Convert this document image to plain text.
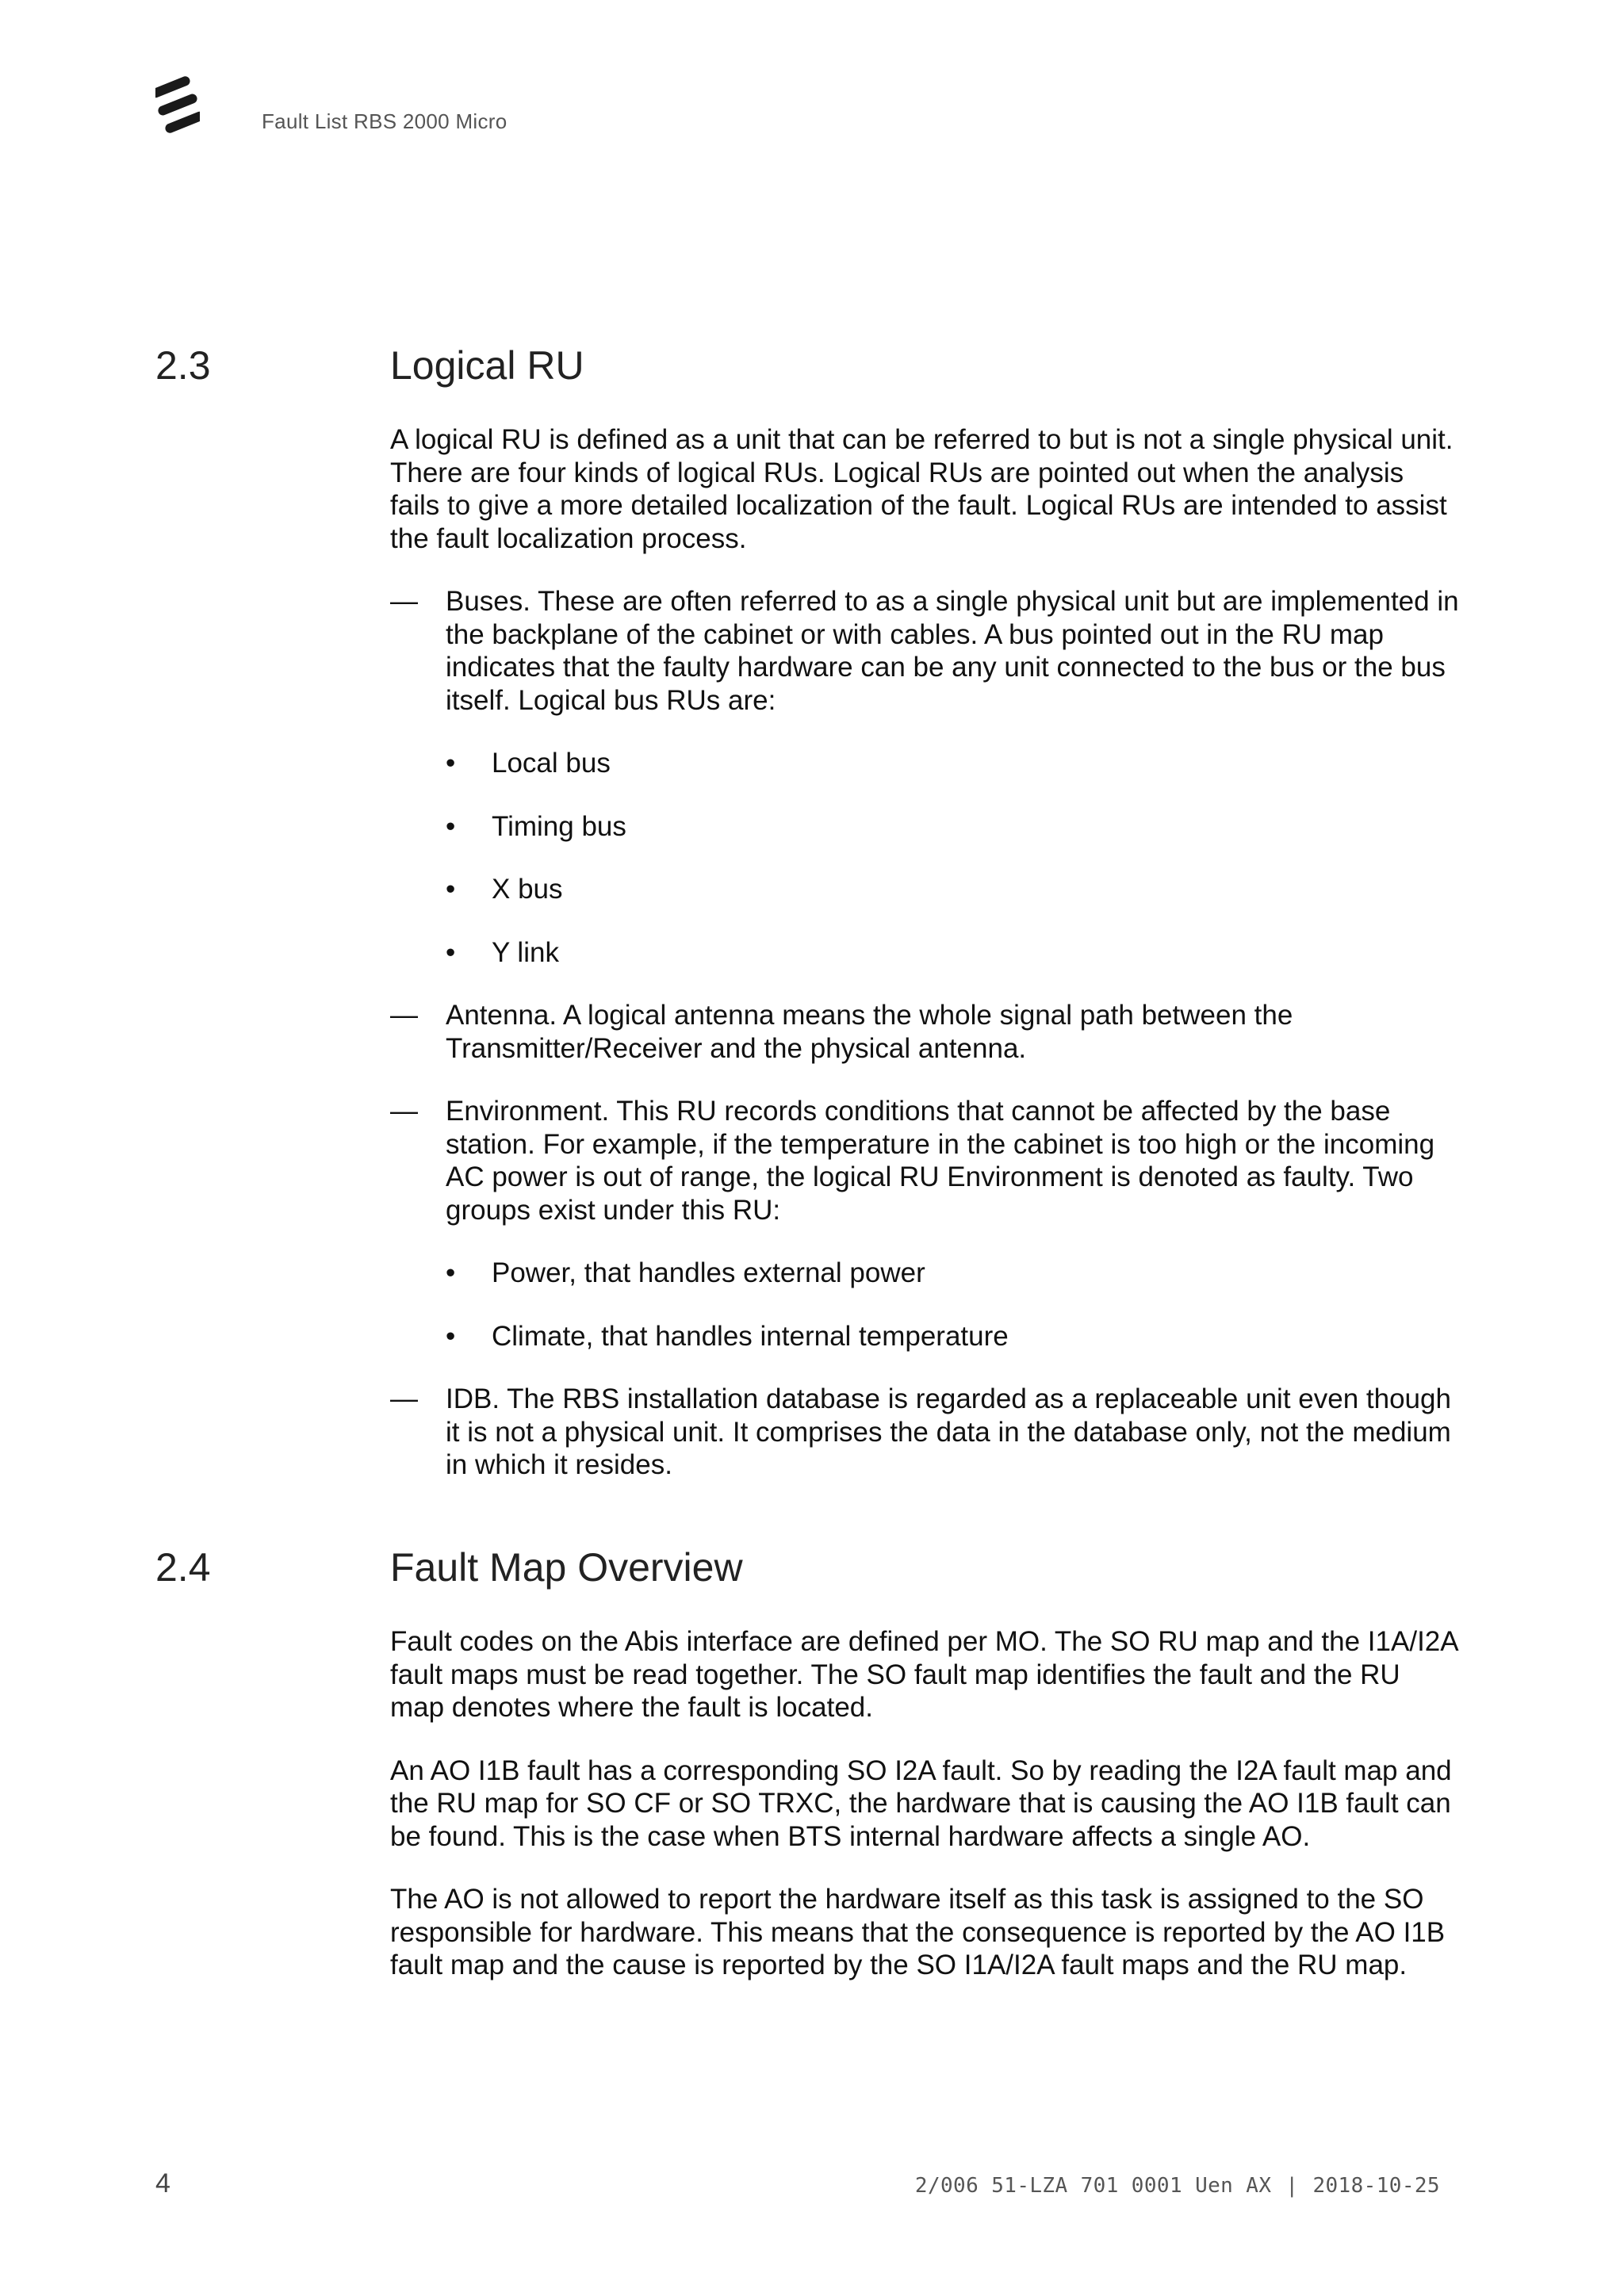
Fault List RBS 2000 Micro
2.3	Logical RU

A logical RU is defined as a unit that can be referred to but is not a single physical unit. There are four kinds of logical RUs. Logical RUs are pointed out when the analysis fails to give a more detailed localization of the fault. Logical RUs are intended to assist the fault localization process.

— Buses. These are often referred to as a single physical unit but are implemented in the backplane of the cabinet or with cables. A bus pointed out in the RU map indicates that the faulty hardware can be any unit connected to the bus or the bus itself. Logical bus RUs are:
• Local bus
• Timing bus
• X bus
• Y link
— Antenna. A logical antenna means the whole signal path between the Transmitter/Receiver and the physical antenna.
— Environment. This RU records conditions that cannot be affected by the base station. For example, if the temperature in the cabinet is too high or the incoming AC power is out of range, the logical RU Environment is denoted as faulty. Two groups exist under this RU:
• Power, that handles external power
• Climate, that handles internal temperature
— IDB. The RBS installation database is regarded as a replaceable unit even though it is not a physical unit. It comprises the data in the database only, not the medium in which it resides.
2.4	Fault Map Overview

Fault codes on the Abis interface are defined per MO. The SO RU map and the I1A/I2A fault maps must be read together. The SO fault map identifies the fault and the RU map denotes where the fault is located.

An AO I1B fault has a corresponding SO I2A fault. So by reading the I2A fault map and the RU map for SO CF or SO TRXC, the hardware that is causing the AO I1B fault can be found. This is the case when BTS internal hardware affects a single AO.

The AO is not allowed to report the hardware itself as this task is assigned to the SO responsible for hardware. This means that the consequence is reported by the AO I1B fault map and the cause is reported by the SO I1A/I2A fault maps and the RU map.

4	2/006 51-LZA 701 0001 Uen AX | 2018-10-25
